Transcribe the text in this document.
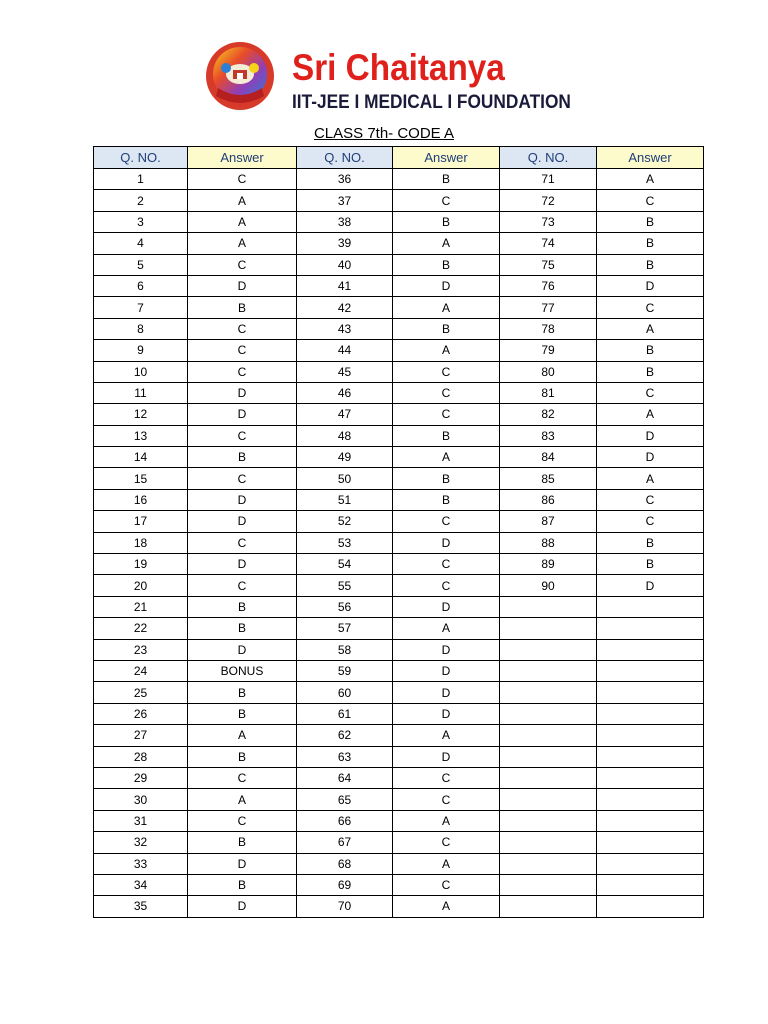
Sri Chaitanya
IIT-JEE I MEDICAL I FOUNDATION
CLASS 7th- CODE A
Q. NO.	Answer	Q. NO.	Answer	Q. NO.	Answer
1	C	36	B	71	A
2	A	37	C	72	C
3	A	38	B	73	B
4	A	39	A	74	B
5	C	40	B	75	B
6	D	41	D	76	D
7	B	42	A	77	C
8	C	43	B	78	A
9	C	44	A	79	B
10	C	45	C	80	B
11	D	46	C	81	C
12	D	47	C	82	A
13	C	48	B	83	D
14	B	49	A	84	D
15	C	50	B	85	A
16	D	51	B	86	C
17	D	52	C	87	C
18	C	53	D	88	B
19	D	54	C	89	B
20	C	55	C	90	D
21	B	56	D		
22	B	57	A		
23	D	58	D		
24	BONUS	59	D		
25	B	60	D		
26	B	61	D		
27	A	62	A		
28	B	63	D		
29	C	64	C		
30	A	65	C		
31	C	66	A		
32	B	67	C		
33	D	68	A		
34	B	69	C		
35	D	70	A		
